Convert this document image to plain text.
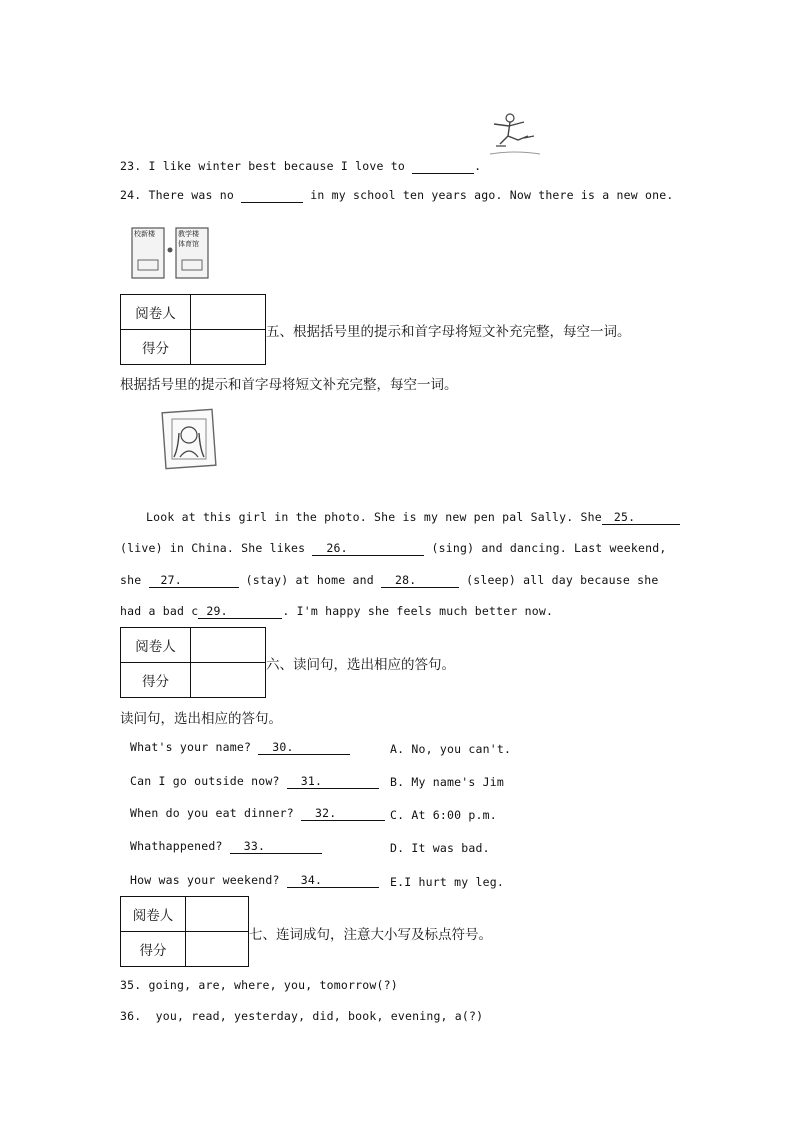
23. I like winter best because I love to	.
24. There was no	in my school ten years ago. Now there is a new one.
校新楼	教学楼
体育馆
阅卷人	
得分	
五、根据括号里的提示和首字母将短文补充完整，每空一词。
根据括号里的提示和首字母将短文补充完整，每空一词。
Look at this girl in the photo. She is my new pen pal Sally. She 25.
(live) in China. She likes 26.	(sing) and dancing. Last weekend,
she 27.	(stay) at home and 28.	(sleep) all day because she
had a bad c 29.	. I'm happy she feels much better now.
阅卷人	
得分	
六、读问句，选出相应的答句。
读问句，选出相应的答句。
What's your name? 30.	A. No, you can't.
Can I go outside now? 31.	B. My name's Jim
When do you eat dinner? 32.	C. At 6:00 p.m.
Whathappened? 33.	D. It was bad.
How was your weekend? 34.	E.I hurt my leg.
阅卷人	
得分	
七、连词成句，注意大小写及标点符号。
35. going, are, where, you, tomorrow(?)
36.  you, read, yesterday, did, book, evening, a(?)
